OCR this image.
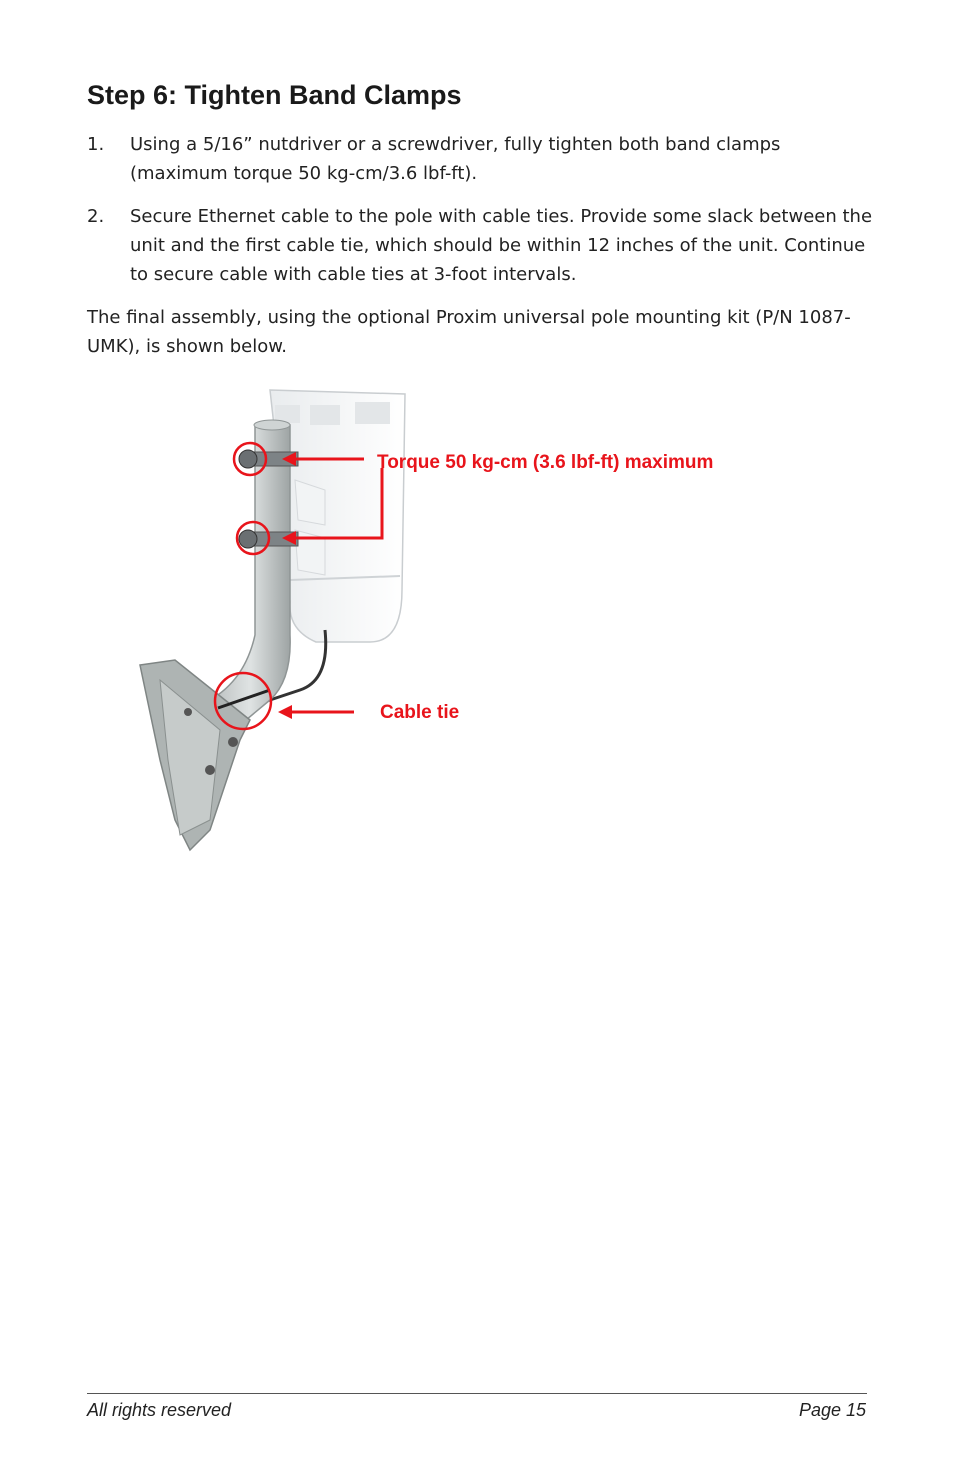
Step 6: Tighten Band Clamps
1. Using a 5/16” nutdriver or a screwdriver, fully tighten both band clamps (maximum torque 50 kg-cm/3.6 lbf-ft).
2. Secure Ethernet cable to the pole with cable ties. Provide some slack between the unit and the ﬁrst cable tie, which should be within 12 inches of the unit. Continue to secure cable with cable ties at 3-foot intervals.

The ﬁnal assembly, using the optional Proxim universal pole mounting kit (P/N 1087-UMK), is shown below.

Torque 50 kg-cm (3.6 lbf-ft) maximum
Cable tie
All rights reserved	Page 15
